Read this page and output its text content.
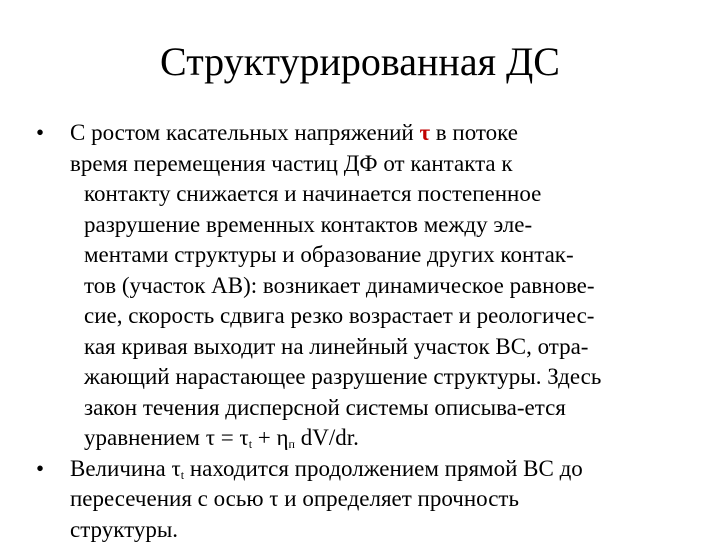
Структурированная ДС
•	С ростом касательных напряжений τ в потоке
время перемещения частиц ДФ от кантакта к
контакту снижается и начинается постепенное
разрушение временных контактов между эле-
ментами структуры и образование других контак-
тов (участок АВ): возникает динамическое равнове-
сие, скорость сдвига резко возрастает и реологичес-
кая кривая выходит на линейный участок ВС, отра-
жающий нарастающее разрушение структуры. Здесь
закон течения дисперсной системы описыва-ется
уравнением $\tau = \tau_t + \eta_п$ dV/dr.
•	Величина $\tau_t$ находится продолжением прямой ВС до
пересечения с осью τ и определяет прочность
структуры.
